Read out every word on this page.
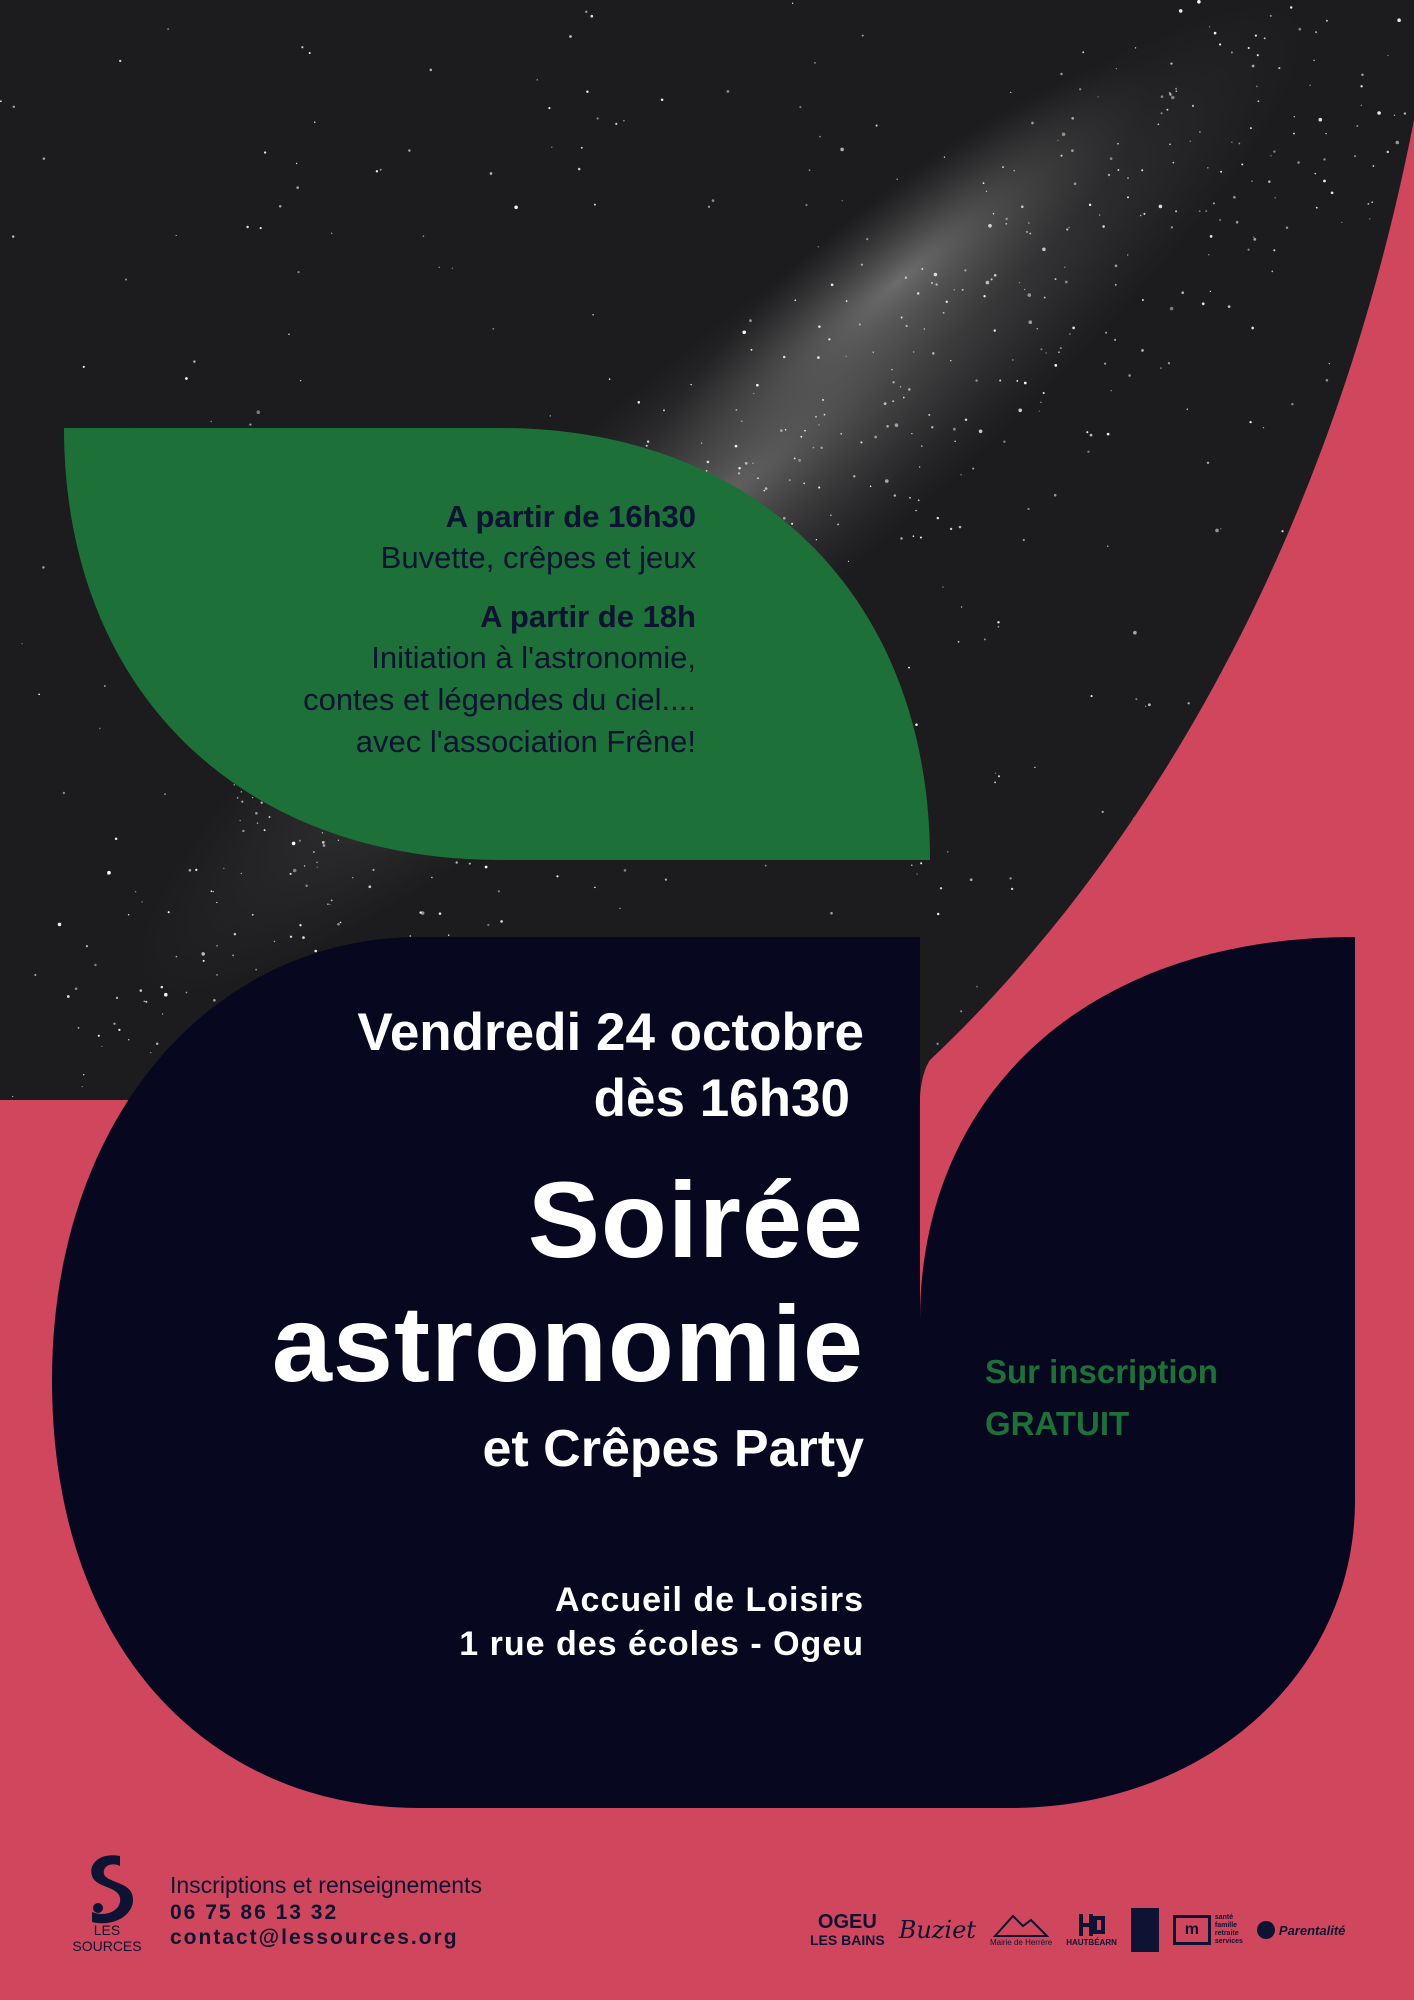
A partir de 16h30
Buvette, crêpes et jeux
A partir de 18h
Initiation à l'astronomie,
contes et légendes du ciel....
avec l'association Frêne!
Vendredi 24 octobre
dès 16h30
Soirée
astronomie
et Crêpes Party
Accueil de Loisirs
1 rue des écoles - Ogeu
Sur inscription
GRATUIT
LES
SOURCES
Inscriptions et renseignements
06 75 86 13 32
contact@lessources.org
OGEU
LES BAINS Buziet Mairie de Herrère HAUTBÉARN
m
santé
famille
retraite
services
Parentalité
